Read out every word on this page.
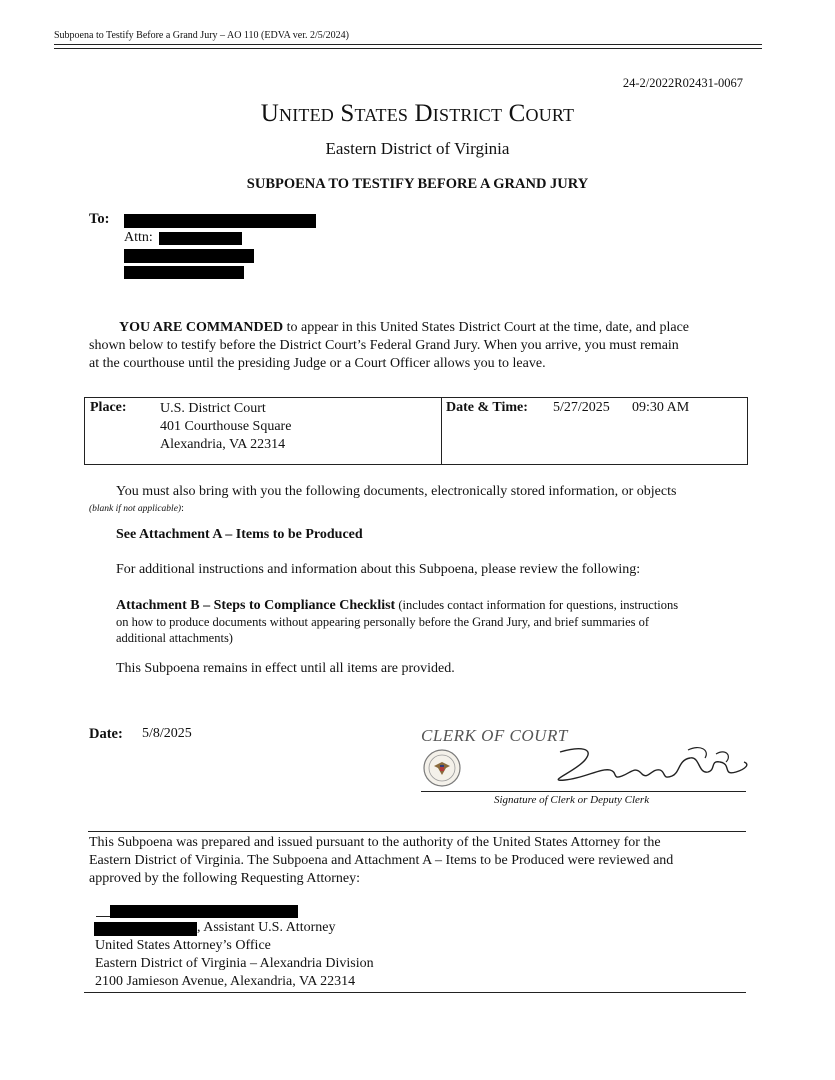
Subpoena to Testify Before a Grand Jury – AO 110 (EDVA ver. 2/5/2024)
24-2/2022R02431-0067
United States District Court
Eastern District of Virginia
SUBPOENA TO TESTIFY BEFORE A GRAND JURY
To:
Attn:
YOU ARE COMMANDED to appear in this United States District Court at the time, date, and place
shown below to testify before the District Court’s Federal Grand Jury. When you arrive, you must remain
at the courthouse until the presiding Judge or a Court Officer allows you to leave.
Place: U.S. District Court
401 Courthouse Square
Alexandria, VA 22314
Date & Time: 5/27/2025 09:30 AM
You must also bring with you the following documents, electronically stored information, or objects
(blank if not applicable):
See Attachment A – Items to be Produced
For additional instructions and information about this Subpoena, please review the following:
Attachment B – Steps to Compliance Checklist (includes contact information for questions, instructions
on how to produce documents without appearing personally before the Grand Jury, and brief summaries of
additional attachments)
This Subpoena remains in effect until all items are provided.
Date: 5/8/2025	CLERK OF COURT
Signature of Clerk or Deputy Clerk
This Subpoena was prepared and issued pursuant to the authority of the United States Attorney for the
Eastern District of Virginia. The Subpoena and Attachment A – Items to be Produced were reviewed and
approved by the following Requesting Attorney:
, Assistant U.S. Attorney
United States Attorney’s Office
Eastern District of Virginia – Alexandria Division
2100 Jamieson Avenue, Alexandria, VA 22314
